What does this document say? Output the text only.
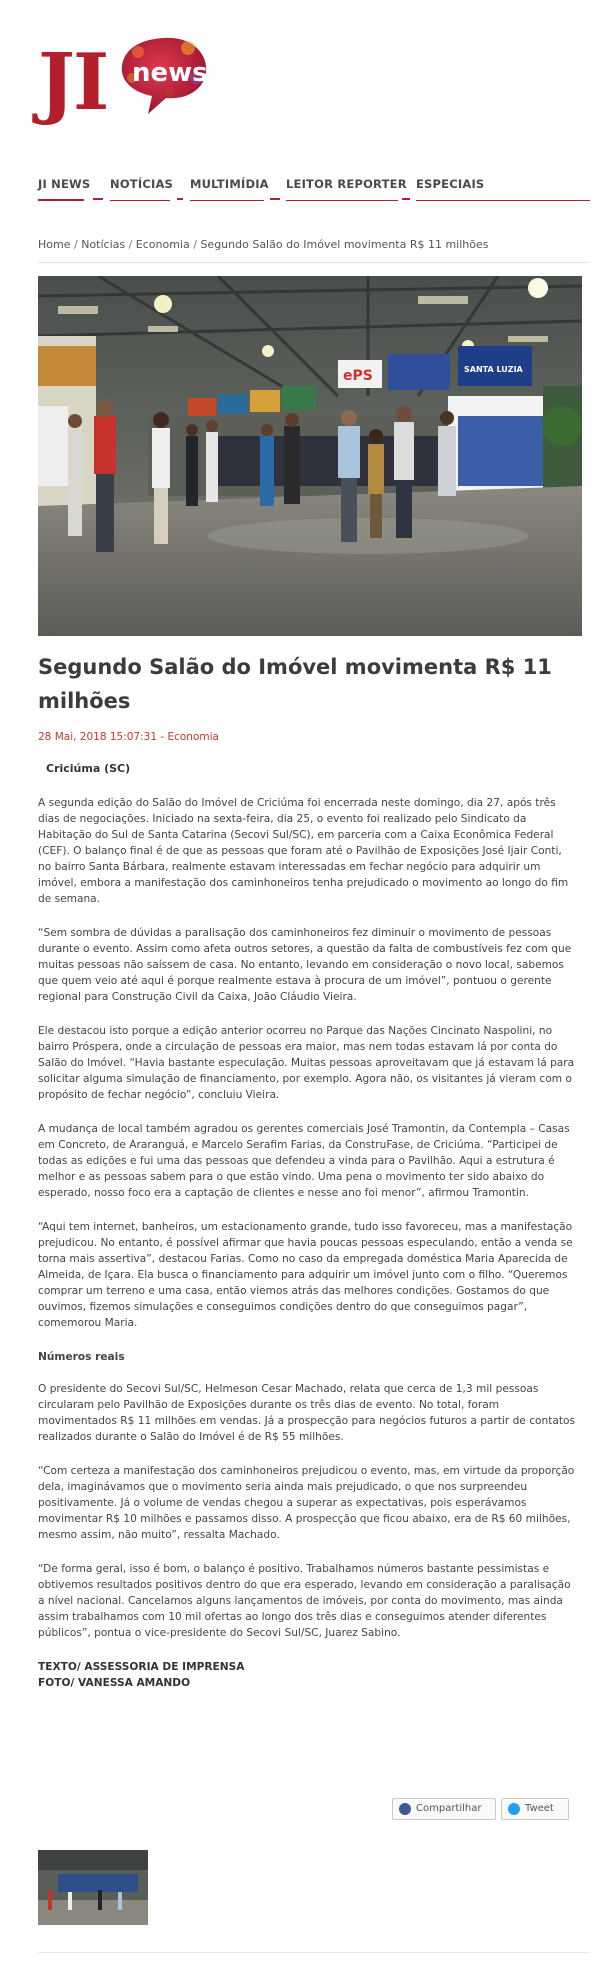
JI news
JI NEWS NOTÍCIAS MULTIMÍDIA LEITOR REPORTER ESPECIAIS
Home / Notícias / Economia / Segundo Salão do Imóvel movimenta R$ 11 milhões
ePS	SANTA LUZIA
Segundo Salão do Imóvel movimenta R$ 11 milhões
28 Mai, 2018 15:07:31 - Economia
Criciúma (SC)

A segunda edição do Salão do Imóvel de Criciúma foi encerrada neste domingo, dia 27, após três dias de negociações. Iniciado na sexta-feira, dia 25, o evento foi realizado pelo Sindicato da Habitação do Sul de Santa Catarina (Secovi Sul/SC), em parceria com a Caixa Econômica Federal (CEF). O balanço final é de que as pessoas que foram até o Pavilhão de Exposições José Ijair Conti, no bairro Santa Bárbara, realmente estavam interessadas em fechar negócio para adquirir um imóvel, embora a manifestação dos caminhoneiros tenha prejudicado o movimento ao longo do fim de semana.

“Sem sombra de dúvidas a paralisação dos caminhoneiros fez diminuir o movimento de pessoas durante o evento. Assim como afeta outros setores, a questão da falta de combustíveis fez com que muitas pessoas não saíssem de casa. No entanto, levando em consideração o novo local, sabemos que quem veio até aqui é porque realmente estava à procura de um imóvel”, pontuou o gerente regional para Construção Civil da Caixa, João Cláudio Vieira.

Ele destacou isto porque a edição anterior ocorreu no Parque das Nações Cincinato Naspolini, no bairro Próspera, onde a circulação de pessoas era maior, mas nem todas estavam lá por conta do Salão do Imóvel. “Havia bastante especulação. Muitas pessoas aproveitavam que já estavam lá para solicitar alguma simulação de financiamento, por exemplo. Agora não, os visitantes já vieram com o propósito de fechar negócio”, concluiu Vieira.

A mudança de local também agradou os gerentes comerciais José Tramontin, da Contempla – Casas em Concreto, de Araranguá, e Marcelo Serafim Farias, da ConstruFase, de Criciúma. “Participei de todas as edições e fui uma das pessoas que defendeu a vinda para o Pavilhão. Aqui a estrutura é melhor e as pessoas sabem para o que estão vindo. Uma pena o movimento ter sido abaixo do esperado, nosso foco era a captação de clientes e nesse ano foi menor”, afirmou Tramontin.

“Aqui tem internet, banheiros, um estacionamento grande, tudo isso favoreceu, mas a manifestação prejudicou. No entanto, é possível afirmar que havia poucas pessoas especulando, então a venda se torna mais assertiva”, destacou Farias. Como no caso da empregada doméstica Maria Aparecida de Almeida, de Içara. Ela busca o financiamento para adquirir um imóvel junto com o filho. “Queremos comprar um terreno e uma casa, então viemos atrás das melhores condições. Gostamos do que ouvimos, fizemos simulações e conseguimos condições dentro do que conseguimos pagar”, comemorou Maria.

Números reais

O presidente do Secovi Sul/SC, Helmeson Cesar Machado, relata que cerca de 1,3 mil pessoas circularam pelo Pavilhão de Exposições durante os três dias de evento. No total, foram movimentados R$ 11 milhões em vendas. Já a prospecção para negócios futuros a partir de contatos realizados durante o Salão do Imóvel é de R$ 55 milhões.

“Com certeza a manifestação dos caminhoneiros prejudicou o evento, mas, em virtude da proporção dela, imaginávamos que o movimento seria ainda mais prejudicado, o que nos surpreendeu positivamente. Já o volume de vendas chegou a superar as expectativas, pois esperávamos movimentar R$ 10 milhões e passamos disso. A prospecção que ficou abaixo, era de R$ 60 milhões, mesmo assim, não muito”, ressalta Machado.

“De forma geral, isso é bom, o balanço é positivo. Trabalhamos números bastante pessimistas e obtivemos resultados positivos dentro do que era esperado, levando em consideração a paralisação a nível nacional. Cancelamos alguns lançamentos de imóveis, por conta do movimento, mas ainda assim trabalhamos com 10 mil ofertas ao longo dos três dias e conseguimos atender diferentes públicos”, pontua o vice-presidente do Secovi Sul/SC, Juarez Sabino.

TEXTO/ ASSESSORIA DE IMPRENSA
FOTO/ VANESSA AMANDO
Compartilhar	Tweet
